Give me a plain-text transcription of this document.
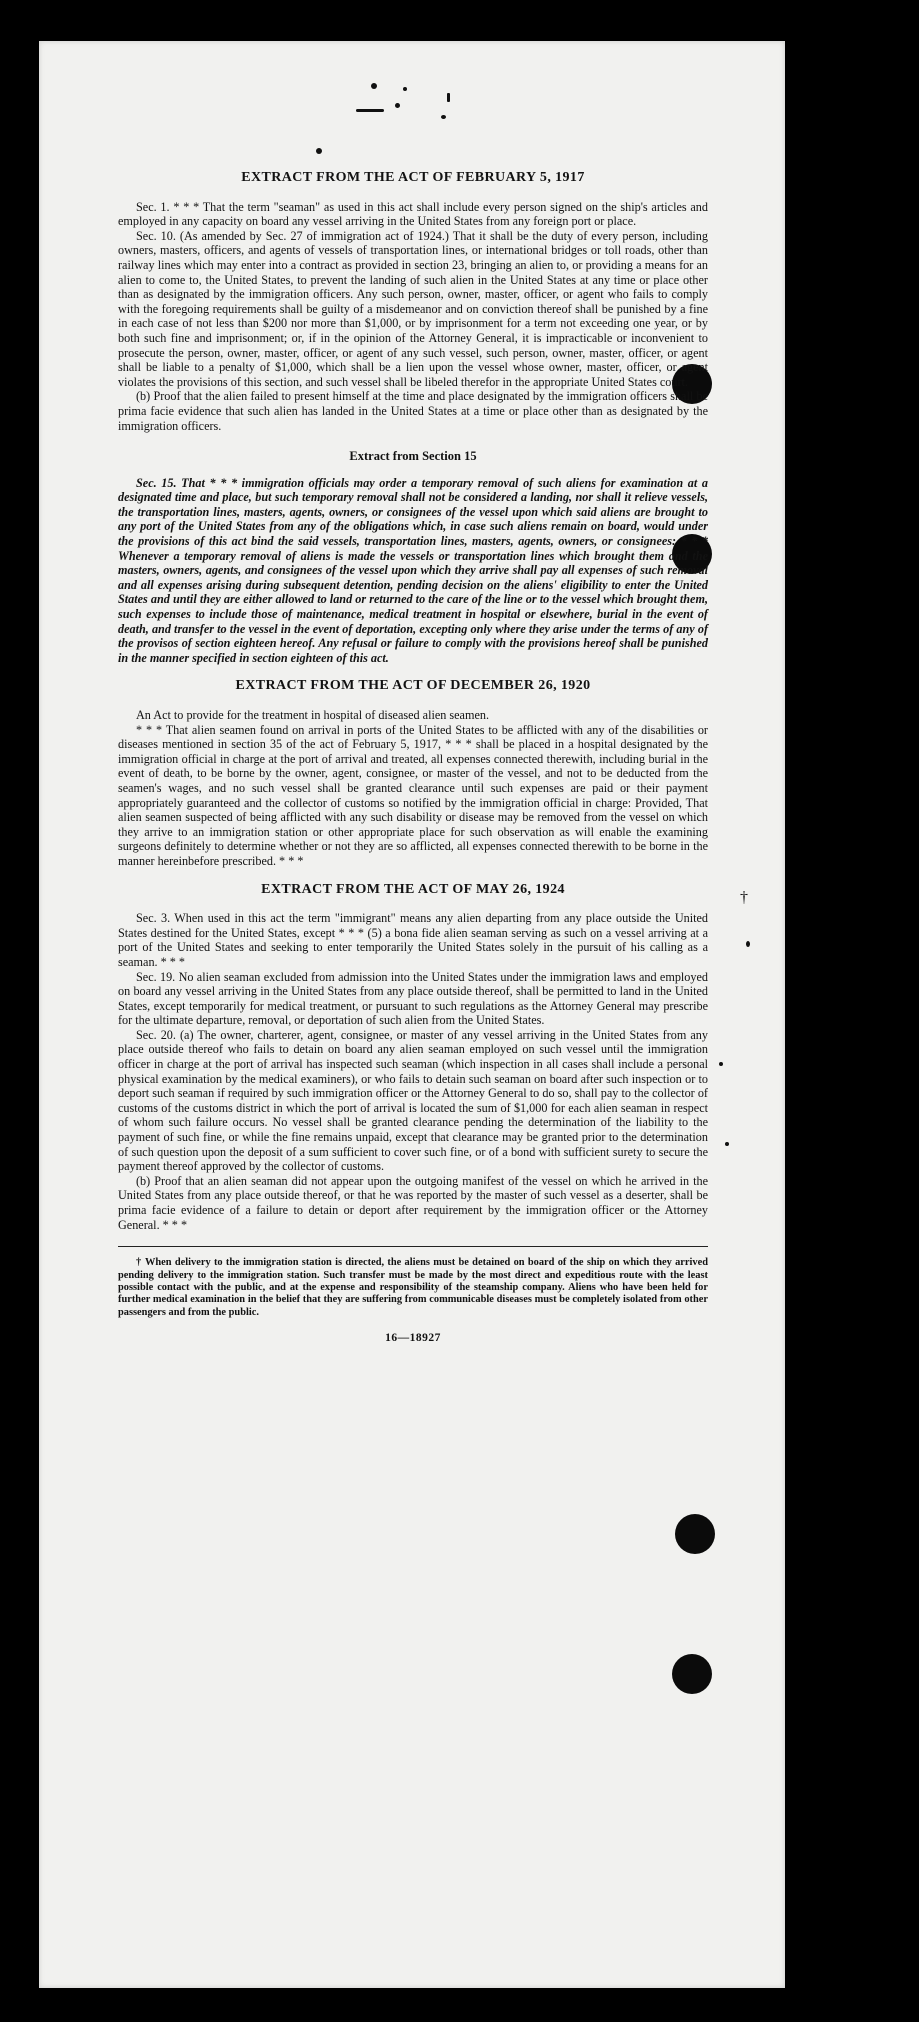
†
EXTRACT FROM THE ACT OF FEBRUARY 5, 1917

Sec. 1. * * * That the term "seaman" as used in this act shall include every person signed on the ship's articles and employed in any capacity on board any vessel arriving in the United States from any foreign port or place.

Sec. 10. (As amended by Sec. 27 of immigration act of 1924.) That it shall be the duty of every person, including owners, masters, officers, and agents of vessels of transportation lines, or international bridges or toll roads, other than railway lines which may enter into a contract as provided in section 23, bringing an alien to, or providing a means for an alien to come to, the United States, to prevent the landing of such alien in the United States at any time or place other than as designated by the immigration officers. Any such person, owner, master, officer, or agent who fails to comply with the foregoing requirements shall be guilty of a misdemeanor and on conviction thereof shall be punished by a fine in each case of not less than $200 nor more than $1,000, or by imprisonment for a term not exceeding one year, or by both such fine and imprisonment; or, if in the opinion of the Attorney General, it is impracticable or inconvenient to prosecute the person, owner, master, officer, or agent of any such vessel, such person, owner, master, officer, or agent shall be liable to a penalty of $1,000, which shall be a lien upon the vessel whose owner, master, officer, or agent violates the provisions of this section, and such vessel shall be libeled therefor in the appropriate United States court.

(b) Proof that the alien failed to present himself at the time and place designated by the immigration officers shall be prima facie evidence that such alien has landed in the United States at a time or place other than as designated by the immigration officers.

Extract from Section 15

Sec. 15. That * * * immigration officials may order a temporary removal of such aliens for examination at a designated time and place, but such temporary removal shall not be considered a landing, nor shall it relieve vessels, the transportation lines, masters, agents, owners, or consignees of the vessel upon which said aliens are brought to any port of the United States from any of the obligations which, in case such aliens remain on board, would under the provisions of this act bind the said vessels, transportation lines, masters, agents, owners, or consignees: * * * Whenever a temporary removal of aliens is made the vessels or transportation lines which brought them and the masters, owners, agents, and consignees of the vessel upon which they arrive shall pay all expenses of such removal and all expenses arising during subsequent detention, pending decision on the aliens' eligibility to enter the United States and until they are either allowed to land or returned to the care of the line or to the vessel which brought them, such expenses to include those of maintenance, medical treatment in hospital or elsewhere, burial in the event of death, and transfer to the vessel in the event of deportation, excepting only where they arise under the terms of any of the provisos of section eighteen hereof. Any refusal or failure to comply with the provisions hereof shall be punished in the manner specified in section eighteen of this act.

EXTRACT FROM THE ACT OF DECEMBER 26, 1920

An Act to provide for the treatment in hospital of diseased alien seamen.

* * * That alien seamen found on arrival in ports of the United States to be afflicted with any of the disabilities or diseases mentioned in section 35 of the act of February 5, 1917, * * * shall be placed in a hospital designated by the immigration official in charge at the port of arrival and treated, all expenses connected therewith, including burial in the event of death, to be borne by the owner, agent, consignee, or master of the vessel, and not to be deducted from the seamen's wages, and no such vessel shall be granted clearance until such expenses are paid or their payment appropriately guaranteed and the collector of customs so notified by the immigration official in charge: Provided, That alien seamen suspected of being afflicted with any such disability or disease may be removed from the vessel on which they arrive to an immigration station or other appropriate place for such observation as will enable the examining surgeons definitely to determine whether or not they are so afflicted, all expenses connected therewith to be borne in the manner hereinbefore prescribed. * * *

EXTRACT FROM THE ACT OF MAY 26, 1924

Sec. 3. When used in this act the term "immigrant" means any alien departing from any place outside the United States destined for the United States, except * * * (5) a bona fide alien seaman serving as such on a vessel arriving at a port of the United States and seeking to enter temporarily the United States solely in the pursuit of his calling as a seaman. * * *

Sec. 19. No alien seaman excluded from admission into the United States under the immigration laws and employed on board any vessel arriving in the United States from any place outside thereof, shall be permitted to land in the United States, except temporarily for medical treatment, or pursuant to such regulations as the Attorney General may prescribe for the ultimate departure, removal, or deportation of such alien from the United States.

Sec. 20. (a) The owner, charterer, agent, consignee, or master of any vessel arriving in the United States from any place outside thereof who fails to detain on board any alien seaman employed on such vessel until the immigration officer in charge at the port of arrival has inspected such seaman (which inspection in all cases shall include a personal physical examination by the medical examiners), or who fails to detain such seaman on board after such inspection or to deport such seaman if required by such immigration officer or the Attorney General to do so, shall pay to the collector of customs of the customs district in which the port of arrival is located the sum of $1,000 for each alien seaman in respect of whom such failure occurs. No vessel shall be granted clearance pending the determination of the liability to the payment of such fine, or while the fine remains unpaid, except that clearance may be granted prior to the determination of such question upon the deposit of a sum sufficient to cover such fine, or of a bond with sufficient surety to secure the payment thereof approved by the collector of customs.

(b) Proof that an alien seaman did not appear upon the outgoing manifest of the vessel on which he arrived in the United States from any place outside thereof, or that he was reported by the master of such vessel as a deserter, shall be prima facie evidence of a failure to detain or deport after requirement by the immigration officer or the Attorney General. * * *

† When delivery to the immigration station is directed, the aliens must be detained on board of the ship on which they arrived pending delivery to the immigration station. Such transfer must be made by the most direct and expeditious route with the least possible contact with the public, and at the expense and responsibility of the steamship company. Aliens who have been held for further medical examination in the belief that they are suffering from communicable diseases must be completely isolated from other passengers and from the public.

16—18927
